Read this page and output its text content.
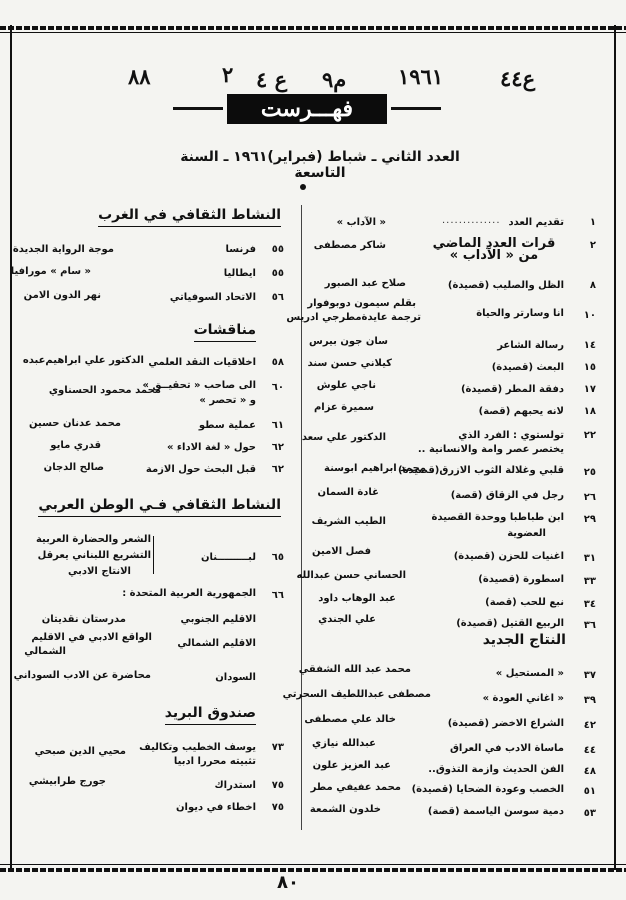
٨٨	٢ ع ٤ م٩ ١٩٦١	ع٤٤
فهـــرست
العدد الثاني ـ شباط (فبراير)١٩٦١ ـ السنة التاسعة
١
تقديم العدد
..............
« الآداب »
٢
قرات العدد الماضي من « الآداب »
شاكر مصطفى
٨
الظل والصليب (قصيدة)
صلاح عبد الصبور
١٠
انا وسارتر والحياة
بقلم سيمون دوبوفوار
ترجمة عايدةمطرجي ادريس
١٤
رسالة الشاعر
سان جون بيرس
١٥
البعث (قصيدة)
كيلاني حسن سند
١٧
دفقة المطر (قصيدة)
ناجي علوش
١٨
لانه يحبهم (قصة)
سميرة عزام
٢٢
تولستوي : الفرد الذي
يختصر عصر وامة والانسانية ..
الدكتور علي سعد
٢٥
قلبي وغلالة الثوب الازرق(قصيدة)
محمد ابراهيم ابوسنة
٢٦
رجل في الزقاق (قصة)
غادة السمان
٢٩
ابن طباطبا ووحدة القصيدة
العضوية
الطيب الشريف
٣١
اغنيات للحزن (قصيدة)
فصل الامين
٣٣
اسطورة (قصيدة)
الحساني حسن عبدالله
٣٤
نبع للحب (قصة)
عبد الوهاب داود
٣٦
الربيع القتيل (قصيدة)
علي الجندي
النتاج الجديد
٣٧
« المستحيل »
محمد عبد الله الشفقي
٣٩
« اغاني العودة »
مصطفى عبداللطيف السحرتي
٤٢
الشراع الاخضر (قصيدة)
خالد علي مصطفى
٤٤
ماساة الادب في العراق
عبدالله نيازي
٤٨
الفن الحديث وازمة التذوق..
عبد العزيز علون
٥١
الخصب وعودة الضحايا (قصيدة)
محمد عفيفي مطر
٥٣
دمية سوسن الياسمة (قصة)
خلدون الشمعة
النشاط الثقافي في الغرب
٥٥
فرنسا
موجة الرواية الجديدة
٥٥
ايطاليا
« سام » مورافيا
٥٦
الاتحاد السوفياتي
نهر الدون الامن
مناقشات
٥٨
اخلاقيات النقد العلمي
الدكتور علي ابراهيم‌عبده
٦٠
الى صاحب « تحقيــق »
و « تحصر »
محمد محمود الحسناوي
٦١
عملية سطو
محمد عدنان حسين
٦٢
حول « لغة الاداء »
قدري مايو
٦٢
قبل البحث حول الازمة
صالح الدجان
النشاط الثقافي فـي الوطن العربي
٦٥
لبـــــــــنان
الشعر والحضارة العربية
التشريع اللبناني يعرقل
الانتاج الادبي
٦٦
الجمهورية العربية المتحدة :
الاقليم الجنوبي
مدرستان نقديتان
الاقليم الشمالي
الواقع الادبي في الاقليم
الشمالي
السودان
محاضرة عن الادب السوداني
صندوق البريد
٧٣
يوسف الخطيب وتكاليف
تثبيته محررا ادبيا
محيي الدين صبحي
٧٥
استدراك
جورج طرابيشي
٧٥
اخطاء في ديوان
٨٠
